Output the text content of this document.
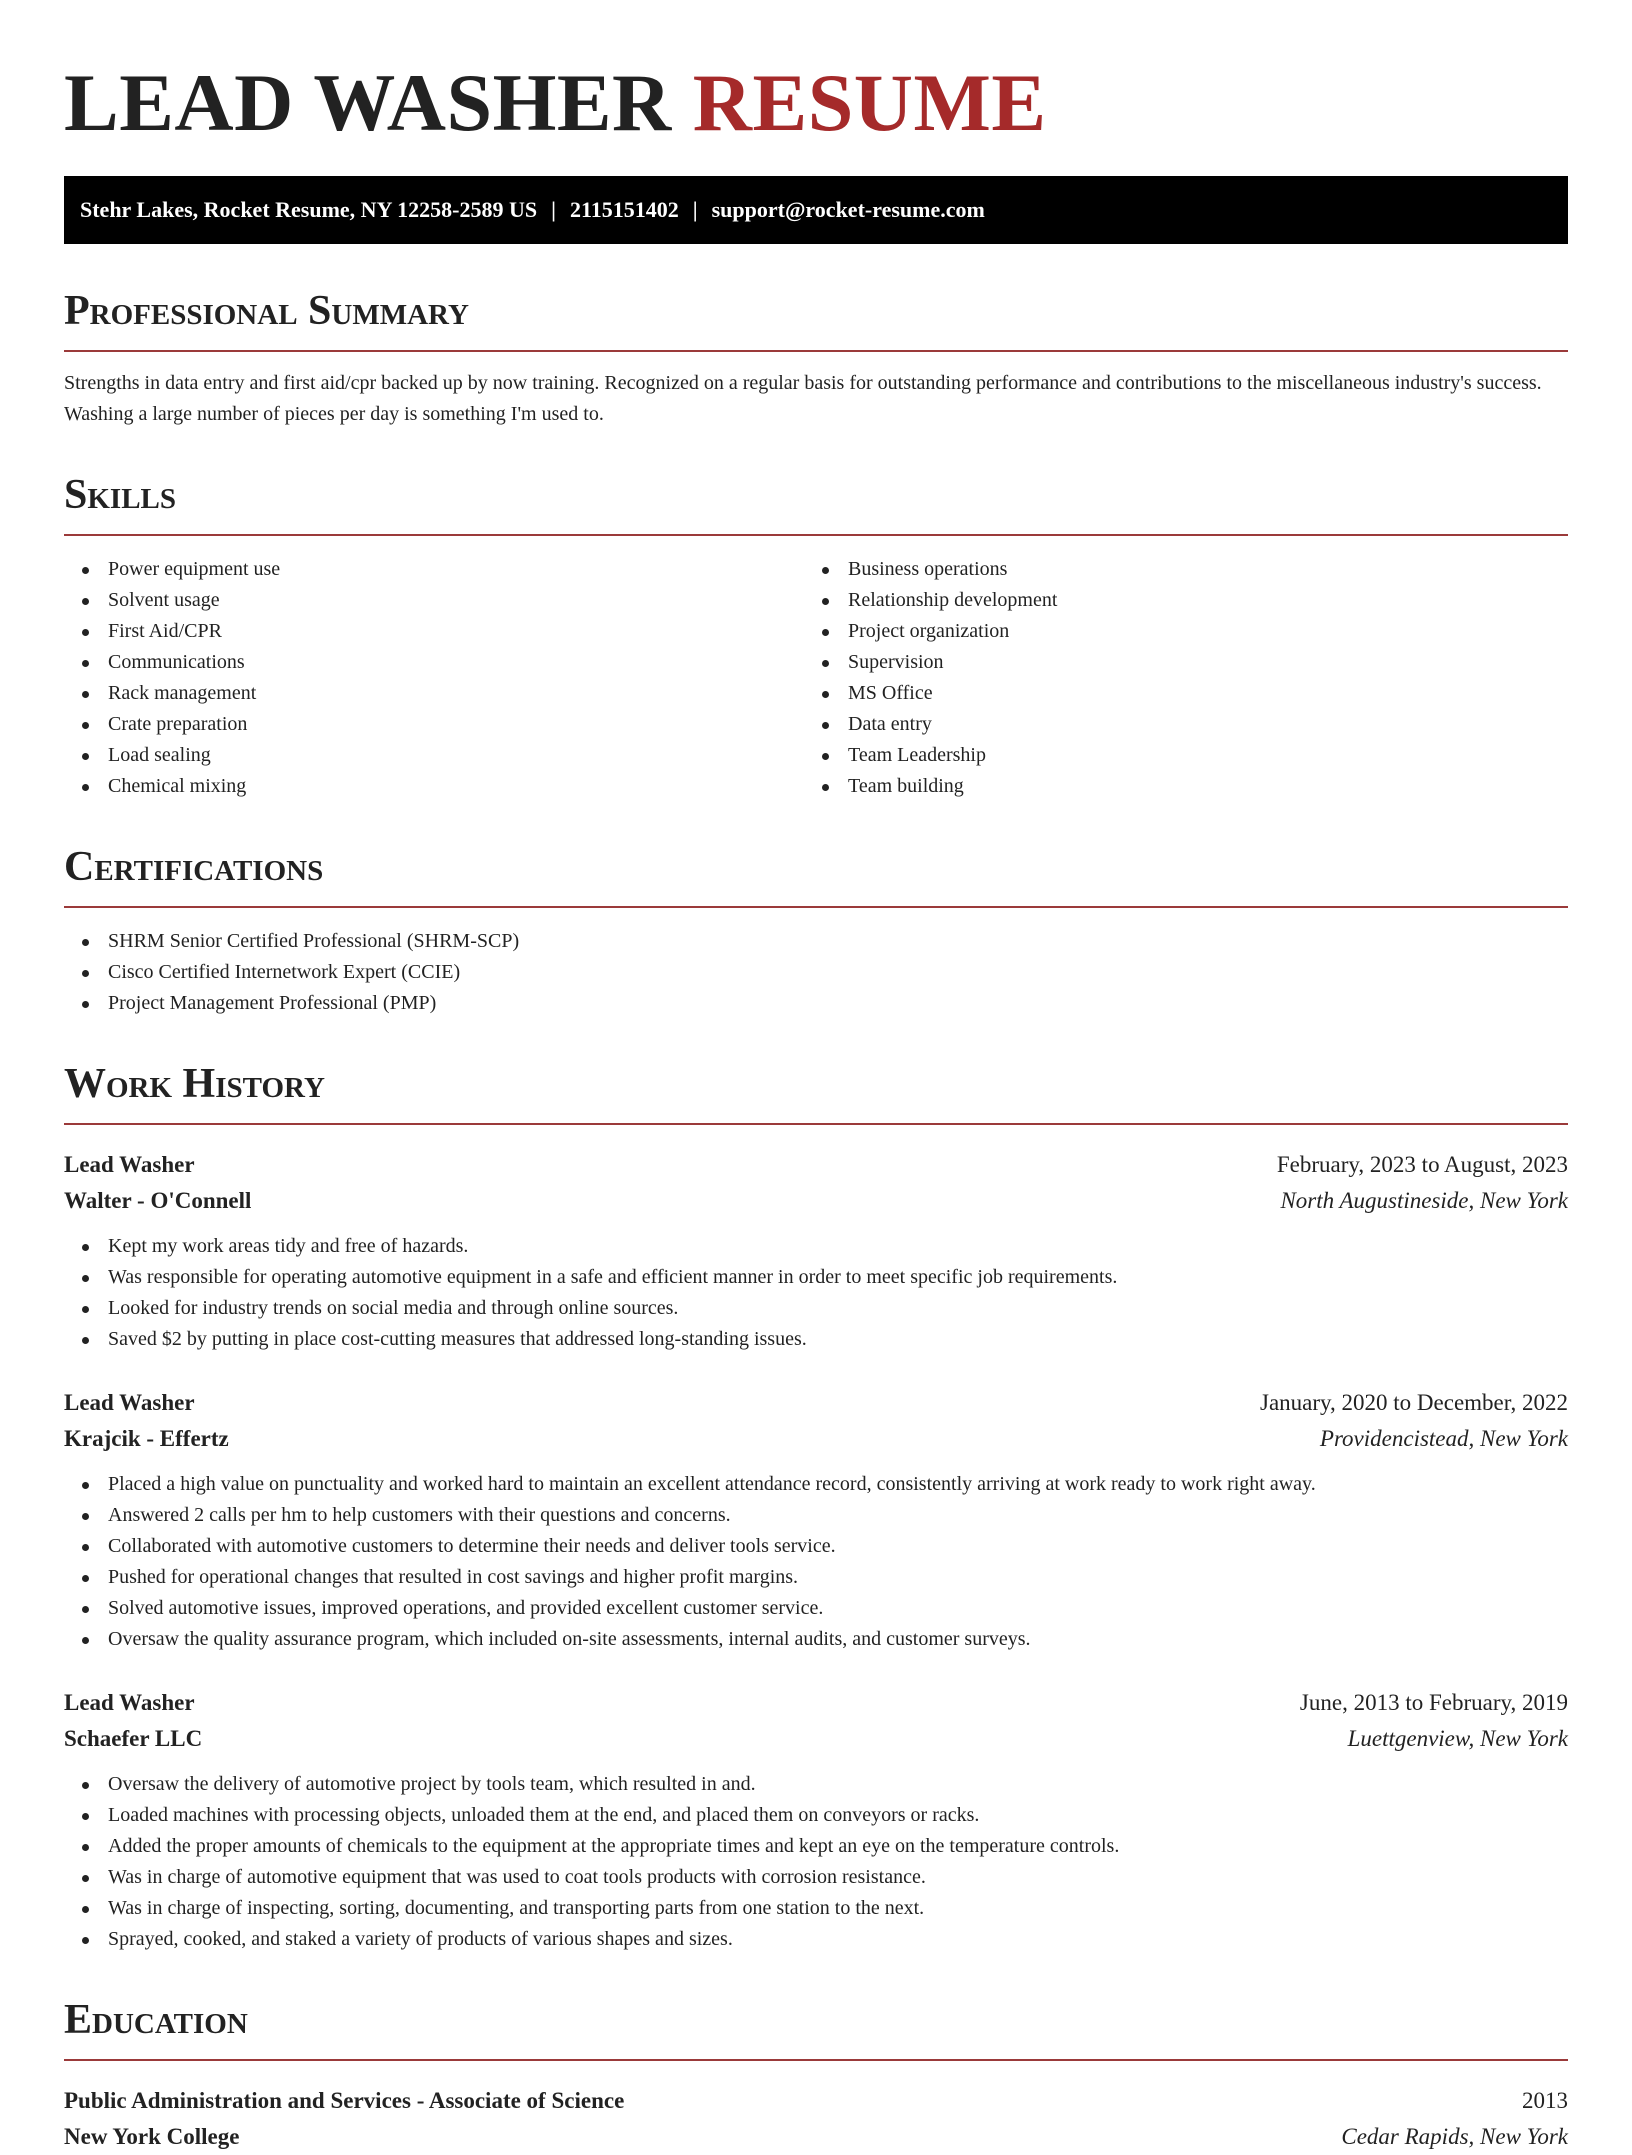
LEAD WASHER RESUME
Stehr Lakes, Rocket Resume, NY 12258-2589 US | 2115151402 | support@rocket-resume.com
Professional Summary

Strengths in data entry and first aid/cpr backed up by now training. Recognized on a regular basis for outstanding performance and contributions to the miscellaneous industry's success. Washing a large number of pieces per day is something I'm used to.

Skills
Power equipment use
Solvent usage
First Aid/CPR
Communications
Rack management
Crate preparation
Load sealing
Chemical mixing
Business operations
Relationship development
Project organization
Supervision
MS Office
Data entry
Team Leadership
Team building
Certifications
SHRM Senior Certified Professional (SHRM-SCP)
Cisco Certified Internetwork Expert (CCIE)
Project Management Professional (PMP)
Work History
Lead Washer	February, 2023 to August, 2023
Walter - O'Connell	North Augustineside, New York
Kept my work areas tidy and free of hazards.
Was responsible for operating automotive equipment in a safe and efficient manner in order to meet specific job requirements.
Looked for industry trends on social media and through online sources.
Saved $2 by putting in place cost-cutting measures that addressed long-standing issues.
Lead Washer	January, 2020 to December, 2022
Krajcik - Effertz	Providencistead, New York
Placed a high value on punctuality and worked hard to maintain an excellent attendance record, consistently arriving at work ready to work right away.
Answered 2 calls per hm to help customers with their questions and concerns.
Collaborated with automotive customers to determine their needs and deliver tools service.
Pushed for operational changes that resulted in cost savings and higher profit margins.
Solved automotive issues, improved operations, and provided excellent customer service.
Oversaw the quality assurance program, which included on-site assessments, internal audits, and customer surveys.
Lead Washer	June, 2013 to February, 2019
Schaefer LLC	Luettgenview, New York
Oversaw the delivery of automotive project by tools team, which resulted in and.
Loaded machines with processing objects, unloaded them at the end, and placed them on conveyors or racks.
Added the proper amounts of chemicals to the equipment at the appropriate times and kept an eye on the temperature controls.
Was in charge of automotive equipment that was used to coat tools products with corrosion resistance.
Was in charge of inspecting, sorting, documenting, and transporting parts from one station to the next.
Sprayed, cooked, and staked a variety of products of various shapes and sizes.
Education
Public Administration and Services - Associate of Science	2013
New York College	Cedar Rapids, New York
